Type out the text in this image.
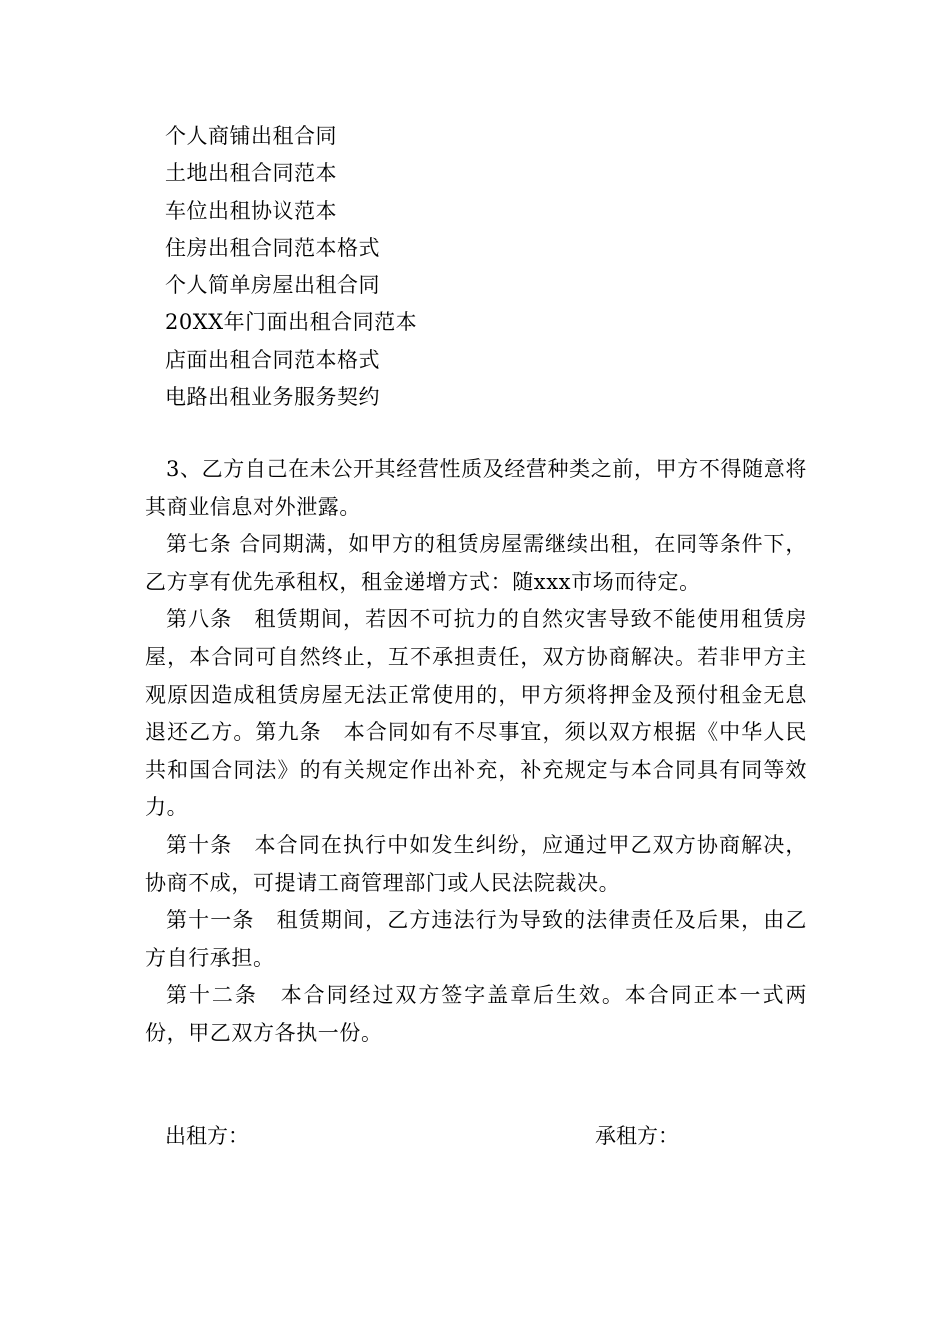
个人商铺出租合同
土地出租合同范本
车位出租协议范本
住房出租合同范本格式
个人简单房屋出租合同
20XX年门面出租合同范本
店面出租合同范本格式
电路出租业务服务契约

3、乙方自己在未公开其经营性质及经营种类之前，甲方不得随意将其商业信息对外泄露。

第七条 合同期满，如甲方的租赁房屋需继续出租，在同等条件下，乙方享有优先承租权，租金递增方式：随xxx市场而待定。

第八条　租赁期间，若因不可抗力的自然灾害导致不能使用租赁房屋，本合同可自然终止，互不承担责任，双方协商解决。若非甲方主观原因造成租赁房屋无法正常使用的，甲方须将押金及预付租金无息退还乙方。第九条　本合同如有不尽事宜，须以双方根据《中华人民共和国合同法》的有关规定作出补充，补充规定与本合同具有同等效力。

第十条　本合同在执行中如发生纠纷，应通过甲乙双方协商解决，协商不成，可提请工商管理部门或人民法院裁决。

第十一条　租赁期间，乙方违法行为导致的法律责任及后果，由乙方自行承担。

第十二条　本合同经过双方签字盖章后生效。本合同正本一式两份，甲乙双方各执一份。

出租方：	承租方：
